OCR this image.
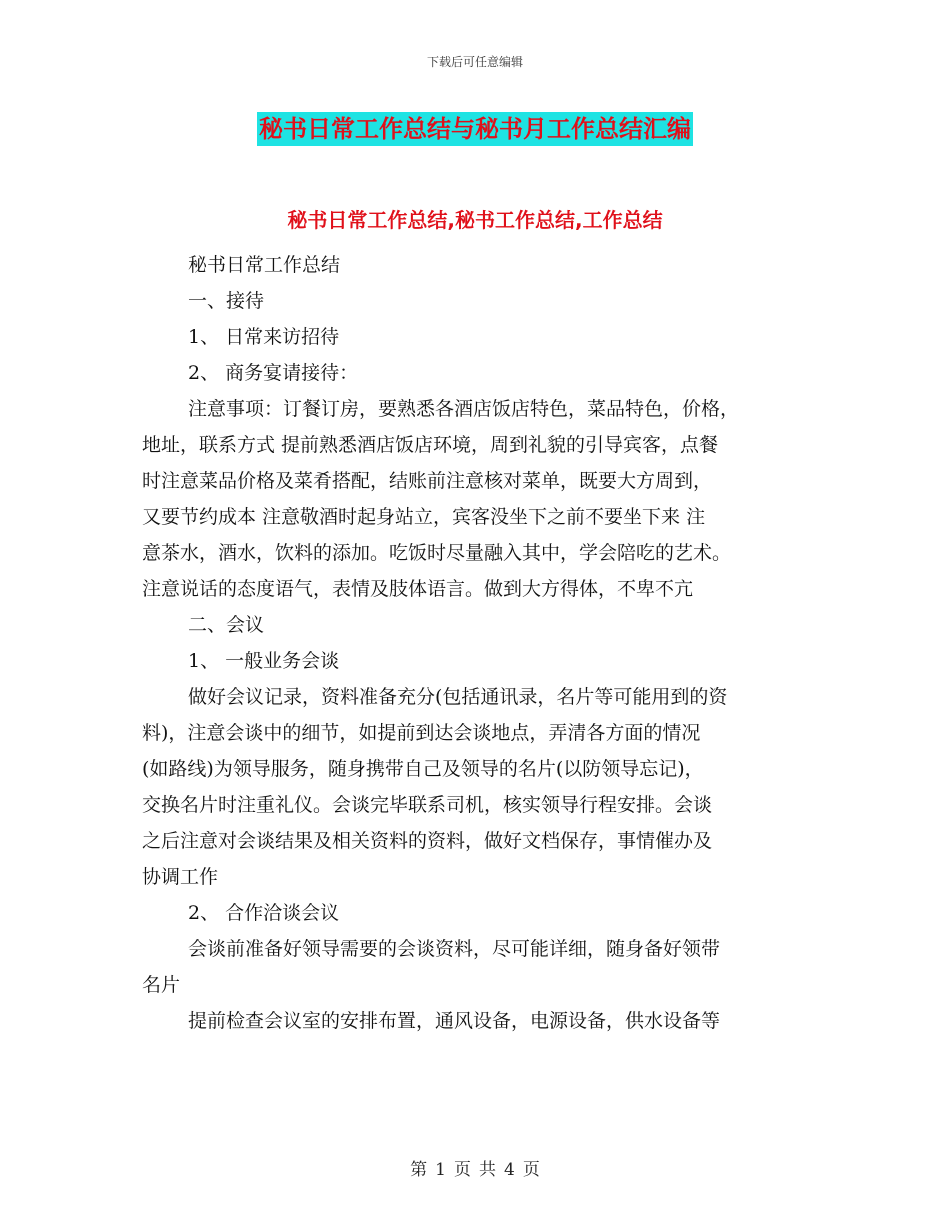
下载后可任意编辑
秘书日常工作总结与秘书月工作总结汇编
秘书日常工作总结,秘书工作总结,工作总结
秘书日常工作总结
一、接待
1、 日常来访招待
2、 商务宴请接待：
注意事项：订餐订房，要熟悉各酒店饭店特色，菜品特色，价格，
地址，联系方式 提前熟悉酒店饭店环境，周到礼貌的引导宾客，点餐
时注意菜品价格及菜肴搭配，结账前注意核对菜单，既要大方周到，
又要节约成本 注意敬酒时起身站立，宾客没坐下之前不要坐下来 注
意茶水，酒水，饮料的添加。吃饭时尽量融入其中，学会陪吃的艺术。
注意说话的态度语气，表情及肢体语言。做到大方得体，不卑不亢
二、会议
1、 一般业务会谈
做好会议记录，资料准备充分(包括通讯录，名片等可能用到的资
料)，注意会谈中的细节，如提前到达会谈地点，弄清各方面的情况
(如路线)为领导服务，随身携带自己及领导的名片(以防领导忘记)，
交换名片时注重礼仪。会谈完毕联系司机，核实领导行程安排。会谈
之后注意对会谈结果及相关资料的资料，做好文档保存，事情催办及
协调工作
2、 合作洽谈会议
会谈前准备好领导需要的会谈资料，尽可能详细，随身备好领带
名片
提前检查会议室的安排布置，通风设备，电源设备，供水设备等
第 1 页 共 4 页
